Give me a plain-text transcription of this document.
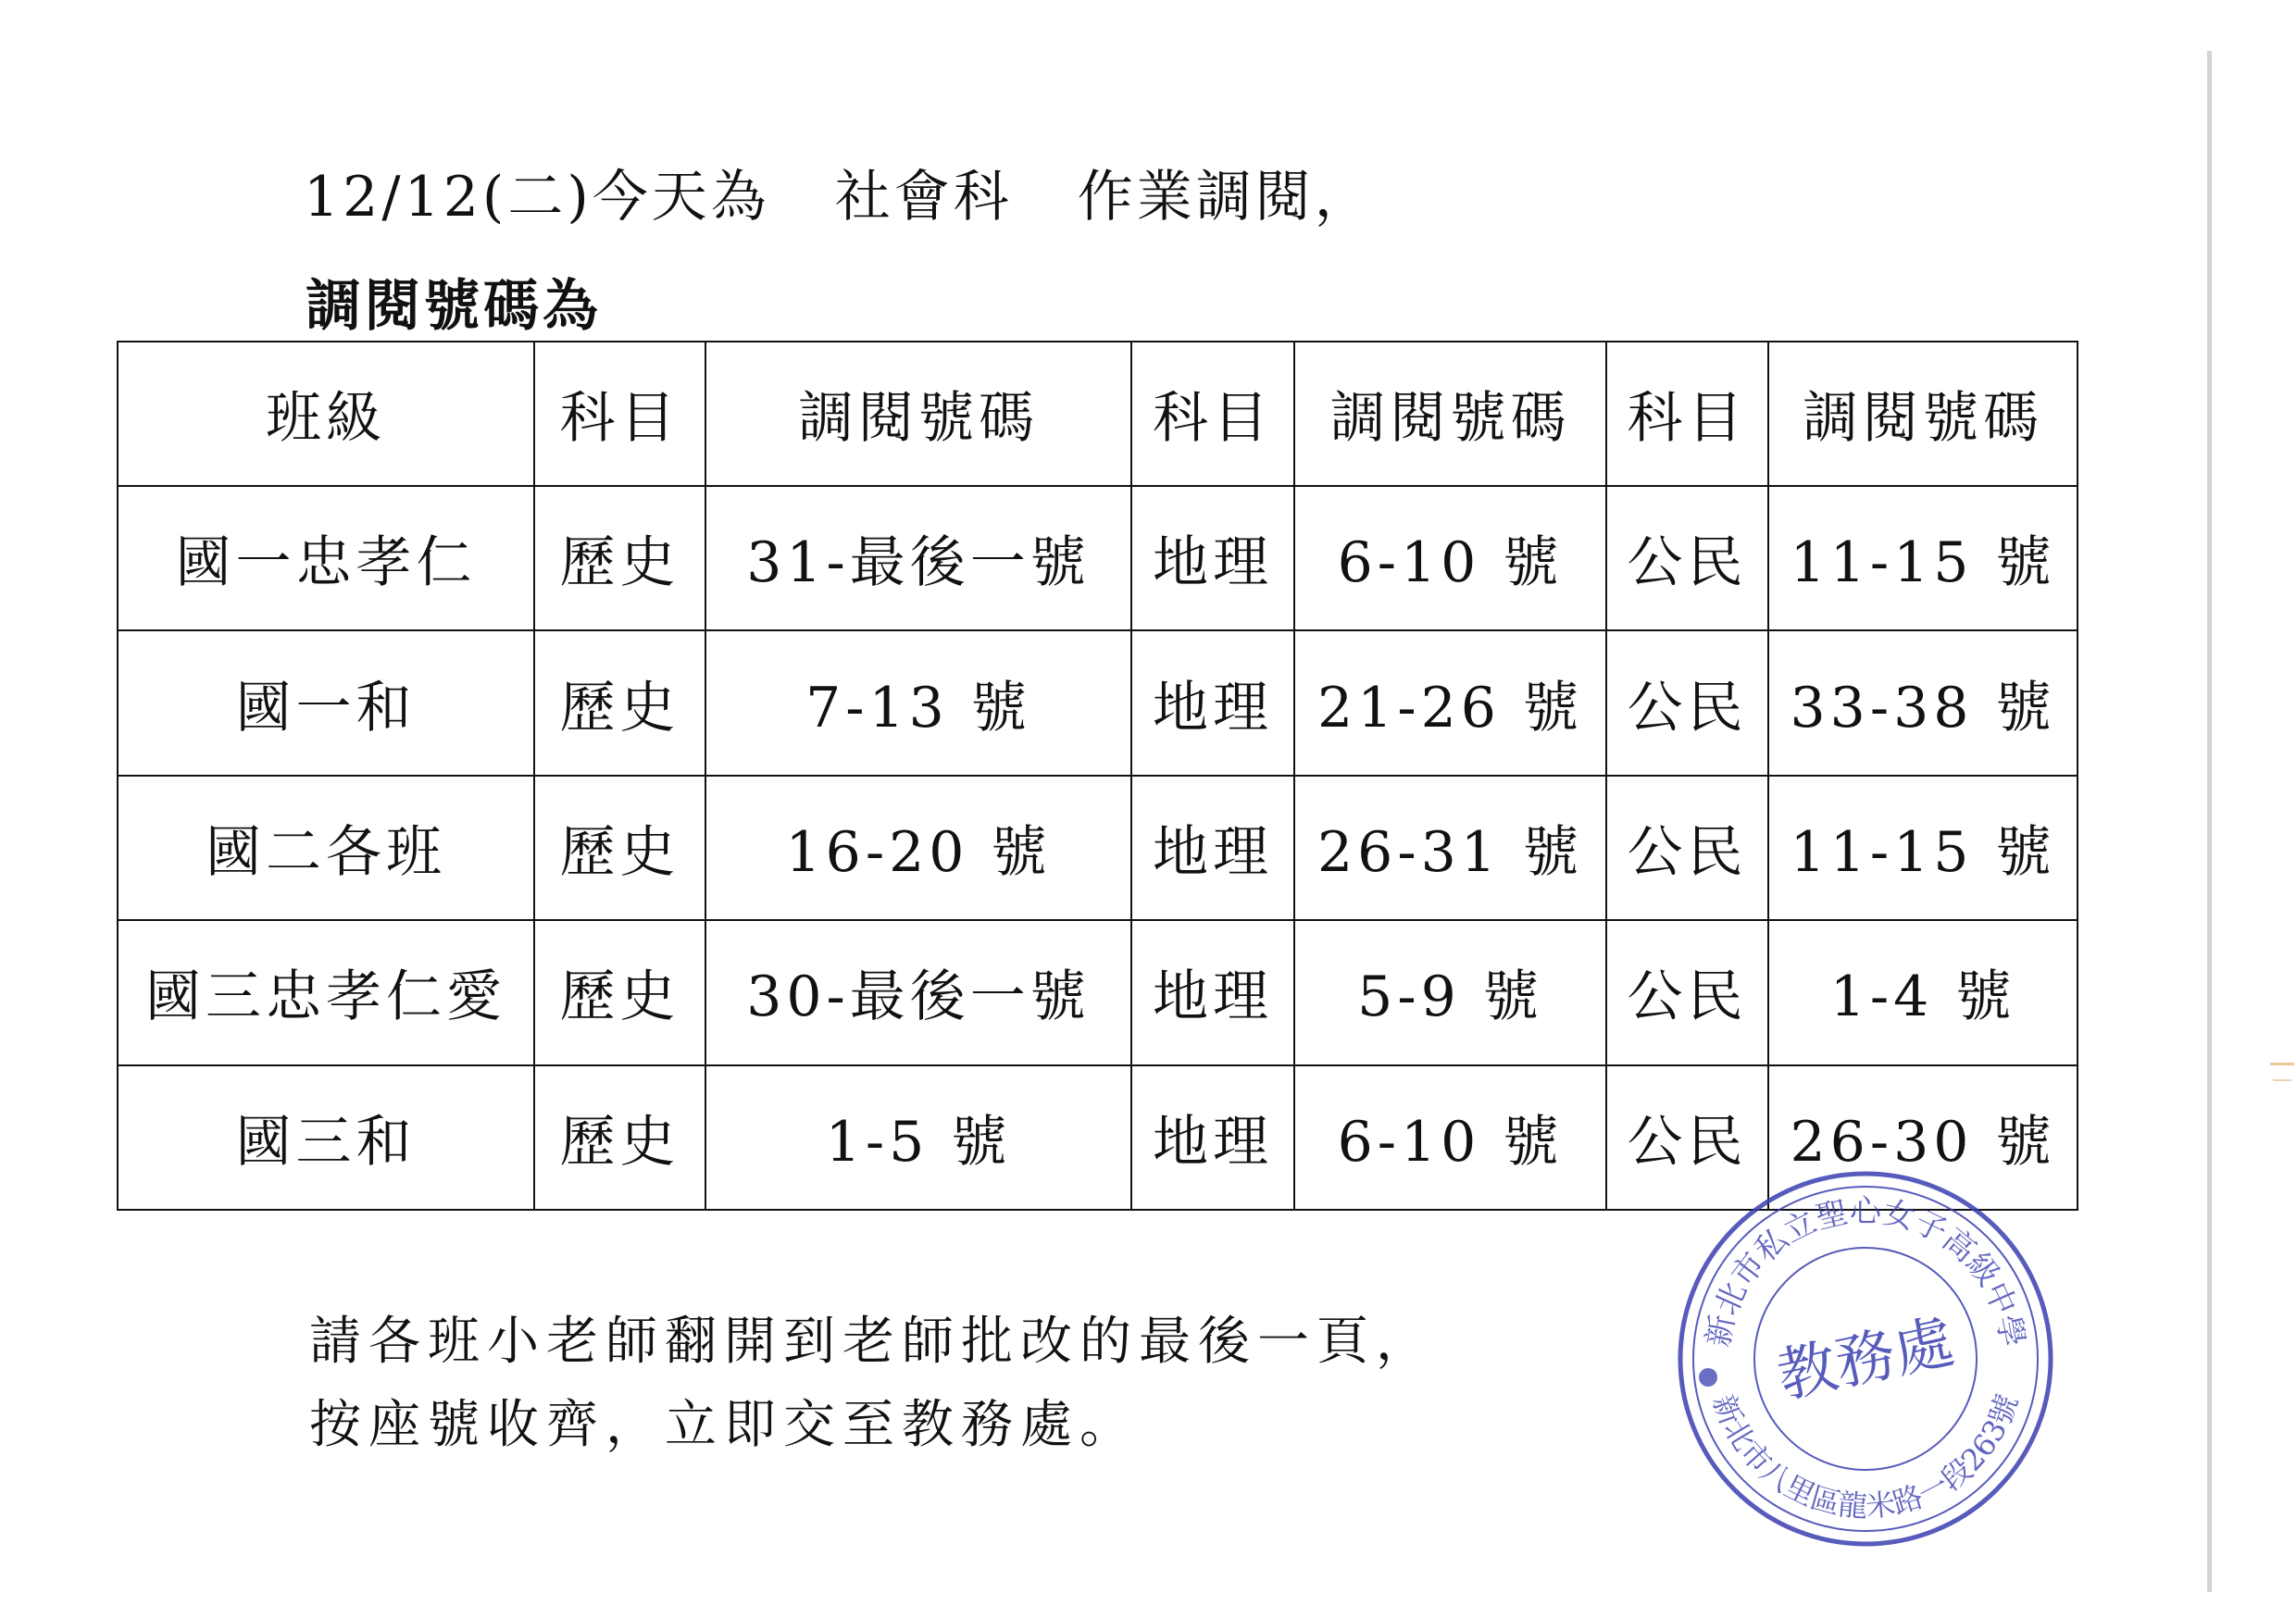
12/12(二)今天為 社會科 作業調閱，
調閱號碼為
班級	科目	調閱號碼	科目	調閱號碼	科目	調閱號碼
國一忠孝仁	歷史	31-最後一號	地理	6-10 號	公民	11-15 號
國一和	歷史	7-13 號	地理	21-26 號	公民	33-38 號
國二各班	歷史	16-20 號	地理	26-31 號	公民	11-15 號
國三忠孝仁愛	歷史	30-最後一號	地理	5-9 號	公民	1-4 號
國三和	歷史	1-5 號	地理	6-10 號	公民	26-30 號

請各班小老師翻開到老師批改的最後一頁，

按座號收齊，立即交至教務處。

新北市私立聖心女子高級中學
新北市八里區龍米路一段263號
教務處
